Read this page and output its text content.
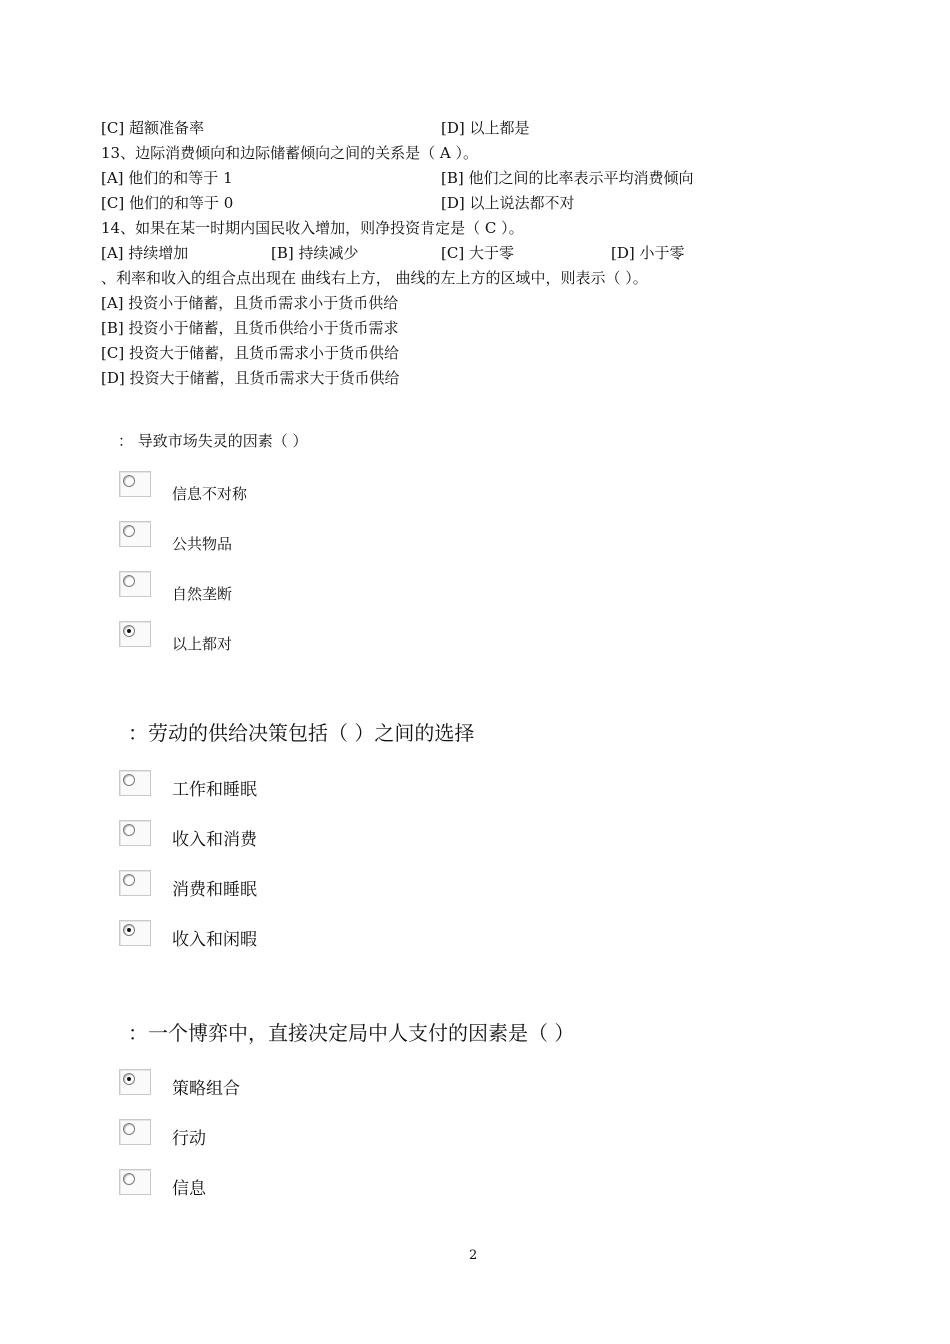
[C] 超额准备率	[D] 以上都是
13、边际消费倾向和边际储蓄倾向之间的关系是（ A ）。
[A] 他们的和等于 1	[B] 他们之间的比率表示平均消费倾向
[C] 他们的和等于 0	[D] 以上说法都不对
14、如果在某一时期内国民收入增加，则净投资肯定是（ C ）。
[A] 持续增加	[B] 持续减少	[C] 大于零	[D] 小于零
、利率和收入的组合点出现在 曲线右上方， 曲线的左上方的区域中，则表示（ ）。
[A] 投资小于储蓄，且货币需求小于货币供给
[B] 投资小于储蓄，且货币供给小于货币需求
[C] 投资大于储蓄，且货币需求小于货币供给
[D] 投资大于储蓄，且货币需求大于货币供给
： 导致市场失灵的因素（ ）
信息不对称
公共物品
自然垄断
以上都对
：劳动的供给决策包括（ ）之间的选择
工作和睡眠
收入和消费
消费和睡眠
收入和闲暇
：一个博弈中，直接决定局中人支付的因素是（ ）
策略组合
行动
信息
2
